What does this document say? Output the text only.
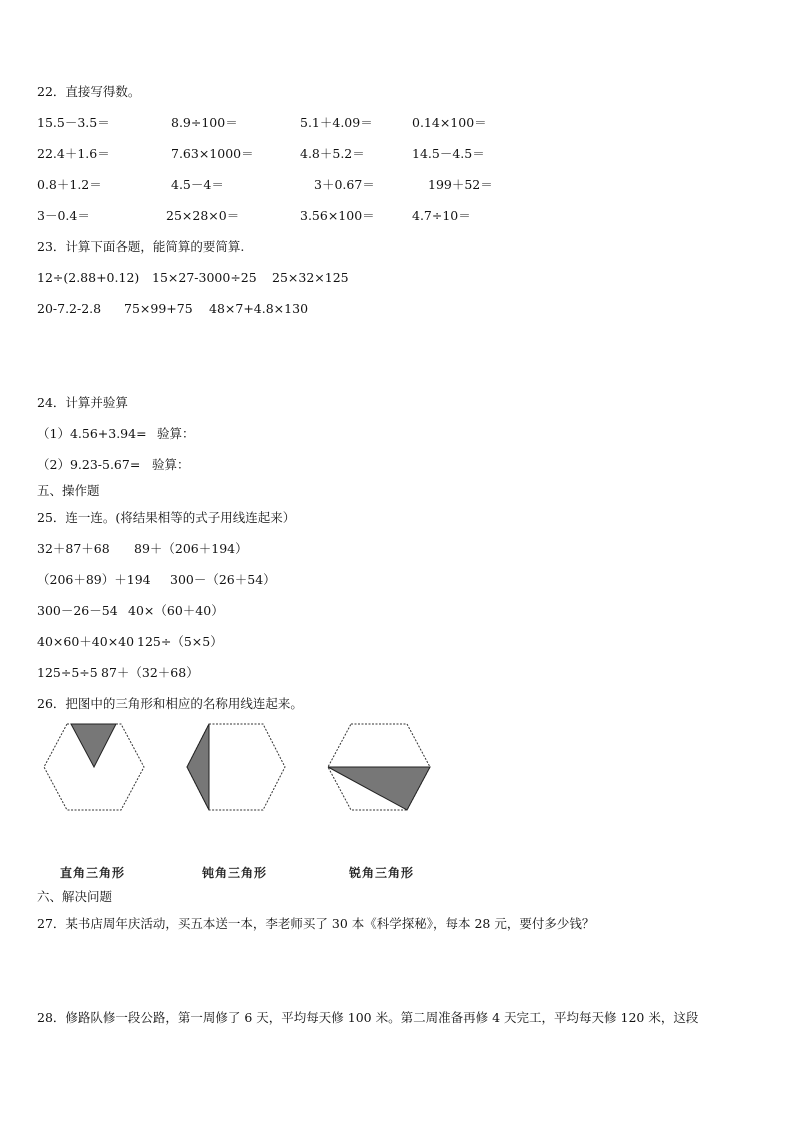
22．直接写得数。
15.5－3.5＝	8.9÷100＝	5.1＋4.09＝	0.14×100＝
22.4＋1.6＝	7.63×1000＝	4.8＋5.2＝	14.5－4.5＝
0.8＋1.2＝	4.5－4＝	3＋0.67＝	199＋52＝
3－0.4＝	25×28×0＝	3.56×100＝	4.7÷10＝
23．计算下面各题，能简算的要简算.
12÷(2.88+0.12) 15×27-3000÷25 25×32×125
20-7.2-2.8 75×99+75 48×7+4.8×130
24．计算并验算
（1）4.56+3.94= 验算：
（2）9.23-5.67= 验算：
五、操作题
25．连一连。(将结果相等的式子用线连起来）
32＋87＋68 89＋（206＋194）
（206＋89）＋194 300－（26＋54）
300－26－54 40×（60＋40）
40×60＋40×40 125÷（5×5）
125÷5÷5 87＋（32＋68）
26．把图中的三角形和相应的名称用线连起来。
直角三角形	钝角三角形	锐角三角形
六、解决问题
27．某书店周年庆活动，买五本送一本，李老师买了 30 本《科学探秘》，每本 28 元，要付多少钱？
28．修路队修一段公路，第一周修了 6 天，平均每天修 100 米。第二周准备再修 4 天完工，平均每天修 120 米，这段
